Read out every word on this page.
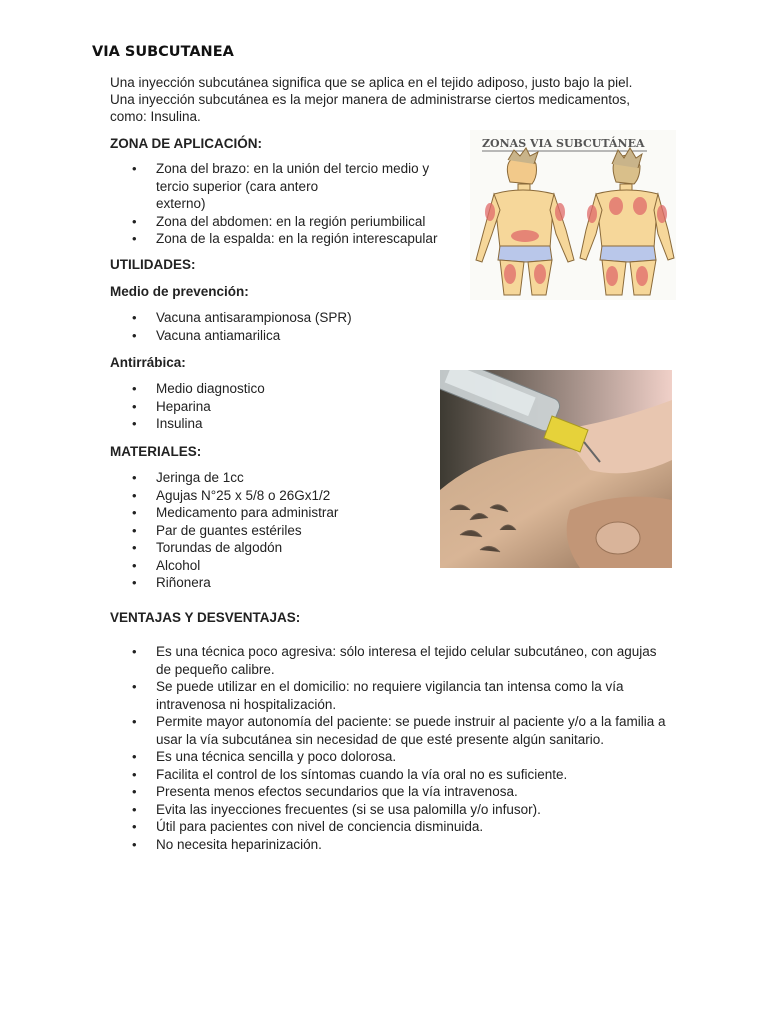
VIA SUBCUTANEA
Una inyección subcutánea significa que se aplica en el tejido adiposo, justo bajo la piel. Una inyección subcutánea es la mejor manera de administrarse ciertos medicamentos, como: Insulina.
ZONA DE APLICACIÓN:
• Zona del brazo: en la unión del tercio medio y tercio superior (cara antero
externo)
• Zona del abdomen: en la región periumbilical
• Zona de la espalda: en la región interescapular
ZONAS VIA SUBCUTÁNEA
UTILIDADES:
Medio de prevención:
• Vacuna antisarampionosa (SPR)
• Vacuna antiamarilica
Antirrábica:
• Medio diagnostico
• Heparina
• Insulina
MATERIALES:
• Jeringa de 1cc
• Agujas N°25 x 5/8 o 26Gx1/2
• Medicamento para administrar
• Par de guantes estériles
• Torundas de algodón
• Alcohol
• Riñonera
VENTAJAS Y DESVENTAJAS:
• Es una técnica poco agresiva: sólo interesa el tejido celular subcutáneo, con agujas de pequeño calibre.
• Se puede utilizar en el domicilio: no requiere vigilancia tan intensa como la vía intravenosa ni hospitalización.
• Permite mayor autonomía del paciente: se puede instruir al paciente y/o a la familia a usar la vía subcutánea sin necesidad de que esté presente algún sanitario.
• Es una técnica sencilla y poco dolorosa.
• Facilita el control de los síntomas cuando la vía oral no es suficiente.
• Presenta menos efectos secundarios que la vía intravenosa.
• Evita las inyecciones frecuentes (si se usa palomilla y/o infusor).
• Útil para pacientes con nivel de conciencia disminuida.
• No necesita heparinización.
